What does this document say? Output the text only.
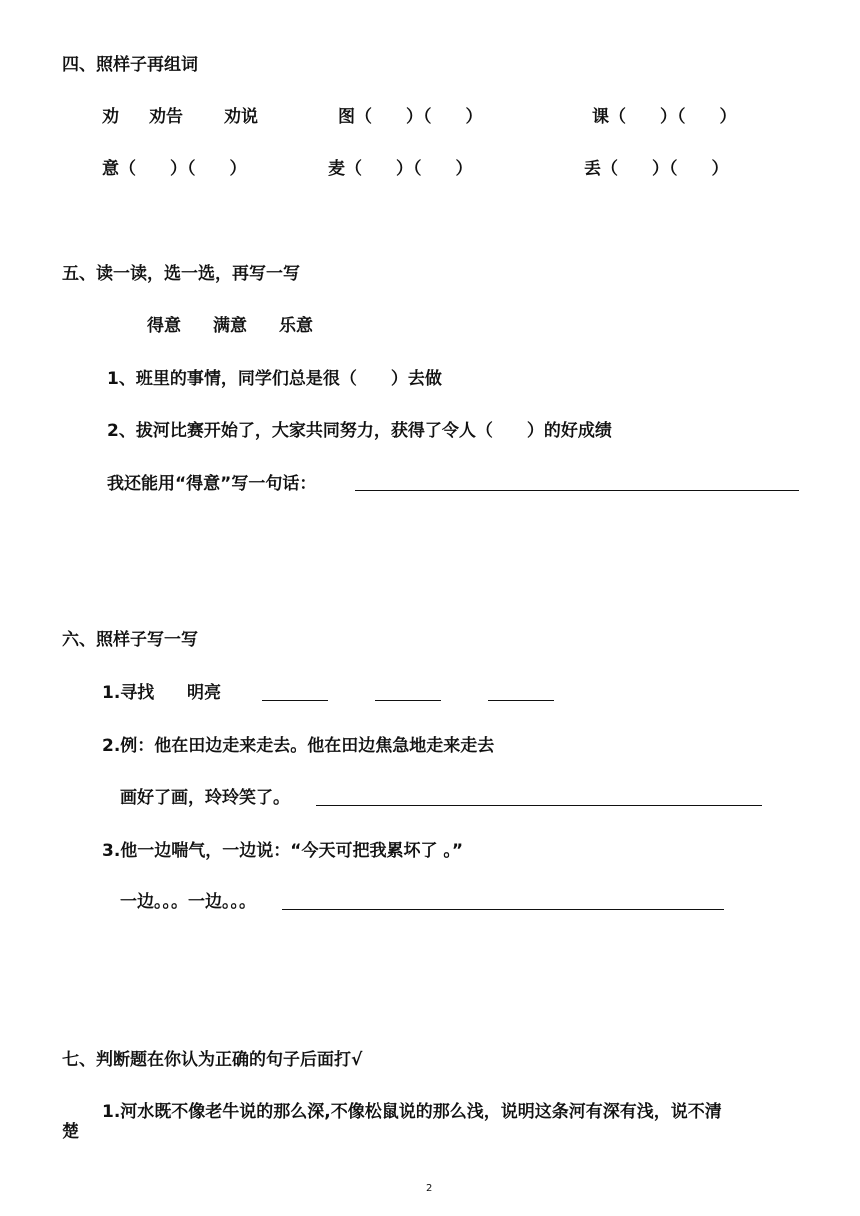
四、照样子再组词
劝 劝告 劝说	图（　　）（　　）	课（　　）（　　）
意（　　）（　　）	麦（　　）（　　）	丢（　　）（　　）
五、读一读，选一选，再写一写
得意 满意 乐意
1、班里的事情，同学们总是很（　　）去做
2、拔河比赛开始了，大家共同努力，获得了令人（　　）的好成绩
我还能用“得意”写一句话：
六、照样子写一写
1.寻找 明亮
2.例：他在田边走来走去。他在田边焦急地走来走去
画好了画，玲玲笑了。
3.他一边喘气，一边说：“今天可把我累坏了 。”
一边。。。一边。。。
七、判断题在你认为正确的句子后面打√
1.河水既不像老牛说的那么深,不像松鼠说的那么浅，说明这条河有深有浅，说不清
楚
2
